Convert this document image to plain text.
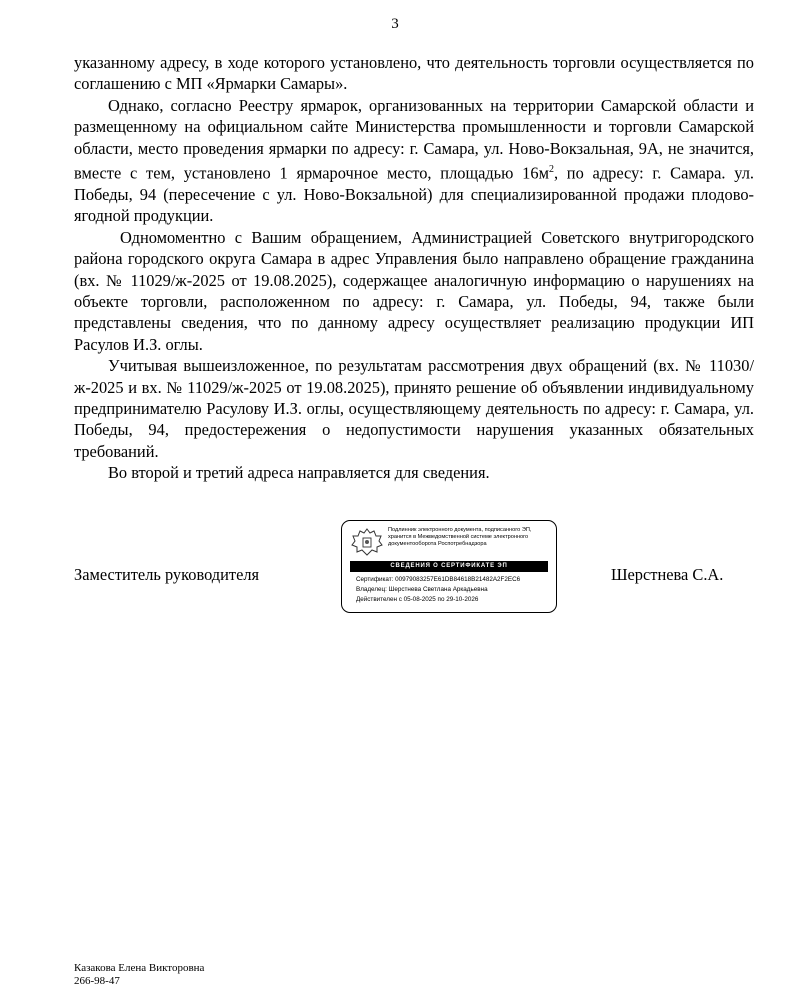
3

указанному адресу, в ходе которого установлено, что деятельность торговли осуществляется по соглашению с МП «Ярмарки Самары».

Однако, согласно Реестру ярмарок, организованных на территории Самарской области и размещенному на официальном сайте Министерства промышленности и торговли Самарской области, место проведения ярмарки по адресу: г. Самара, ул. Ново-Вокзальная, 9А, не значится, вместе с тем, установлено 1 ярмарочное место, площадью $16м^2$, по адресу: г. Самара. ул. Победы, 94 (пересечение с ул. Ново-Вокзальной) для специализированной продажи плодово-ягодной продукции.

Одномоментно с Вашим обращением, Администрацией Советского внутригородского района городского округа Самара в адрес Управления было направлено обращение гражданина (вх. № 11029/ж-2025 от 19.08.2025), содержащее аналогичную информацию о нарушениях на объекте торговли, расположенном по адресу: г. Самара, ул. Победы, 94, также были представлены сведения, что по данному адресу осуществляет реализацию продукции ИП Расулов И.З. оглы.

Учитывая вышеизложенное, по результатам рассмотрения двух обращений (вх. № 11030/ж-2025 и вх. № 11029/ж-2025 от 19.08.2025), принято решение об объявлении индивидуальному предпринимателю Расулову И.З. оглы, осуществляющему деятельность по адресу: г. Самара, ул. Победы, 94, предостережения о недопустимости нарушения указанных обязательных требований.

Во второй и третий адреса направляется для сведения.

Заместитель руководителя
Подлинник электронного документа, подписанного ЭП, хранится в Межведомственной системе электронного документооборота Роспотребнадзора
СВЕДЕНИЯ О СЕРТИФИКАТЕ ЭП
Сертификат: 00979083257E61DB84618B21482A2F2EC6
Владелец: Шерстнева Светлана Аркадьевна
Действителен с 05-08-2025 по 29-10-2026
Шерстнева С.А.
Казакова Елена Викторовна
266-98-47
